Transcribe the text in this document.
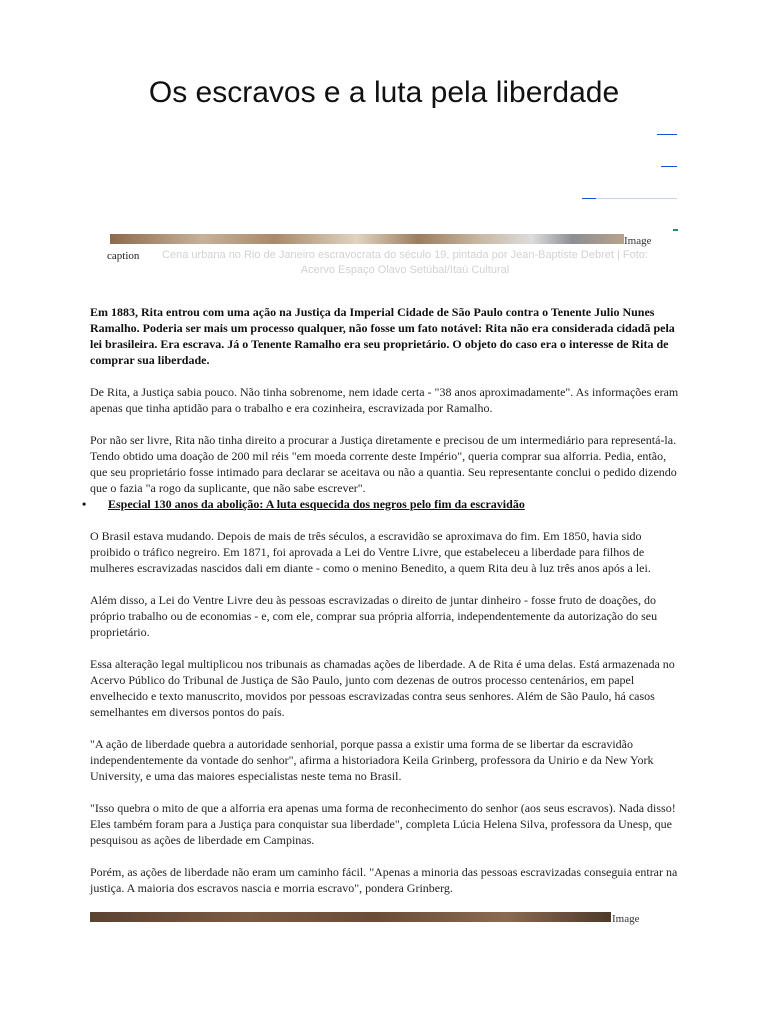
Os escravos e a luta pela liberdade
Image
caption	Cena urbana no Rio de Janeiro escravocrata do século 19, pintada por Jean-Baptiste Debret | Foto: Acervo Espaço Olavo Setúbal/Itaú Cultural

Em 1883, Rita entrou com uma ação na Justiça da Imperial Cidade de São Paulo contra o Tenente Julio Nunes Ramalho. Poderia ser mais um processo qualquer, não fosse um fato notável: Rita não era considerada cidadã pela lei brasileira. Era escrava. Já o Tenente Ramalho era seu proprietário. O objeto do caso era o interesse de Rita de comprar sua liberdade.

De Rita, a Justiça sabia pouco. Não tinha sobrenome, nem idade certa - "38 anos aproximadamente". As informações eram apenas que tinha aptidão para o trabalho e era cozinheira, escravizada por Ramalho.

Por não ser livre, Rita não tinha direito a procurar a Justiça diretamente e precisou de um intermediário para representá-la. Tendo obtido uma doação de 200 mil réis "em moeda corrente deste Império", queria comprar sua alforria. Pedia, então, que seu proprietário fosse intimado para declarar se aceitava ou não a quantia. Seu representante conclui o pedido dizendo que o fazia "a rogo da suplicante, que não sabe escrever".

• Especial 130 anos da abolição: A luta esquecida dos negros pelo fim da escravidão

O Brasil estava mudando. Depois de mais de três séculos, a escravidão se aproximava do fim. Em 1850, havia sido proibido o tráfico negreiro. Em 1871, foi aprovada a Lei do Ventre Livre, que estabeleceu a liberdade para filhos de mulheres escravizadas nascidos dali em diante - como o menino Benedito, a quem Rita deu à luz três anos após a lei.

Além disso, a Lei do Ventre Livre deu às pessoas escravizadas o direito de juntar dinheiro - fosse fruto de doações, do próprio trabalho ou de economias - e, com ele, comprar sua própria alforria, independentemente da autorização do seu proprietário.

Essa alteração legal multiplicou nos tribunais as chamadas ações de liberdade. A de Rita é uma delas. Está armazenada no Acervo Público do Tribunal de Justiça de São Paulo, junto com dezenas de outros processo centenários, em papel envelhecido e texto manuscrito, movidos por pessoas escravizadas contra seus senhores. Além de São Paulo, há casos semelhantes em diversos pontos do país.

"A ação de liberdade quebra a autoridade senhorial, porque passa a existir uma forma de se libertar da escravidão independentemente da vontade do senhor", afirma a historiadora Keila Grinberg, professora da Unirio e da New York University, e uma das maiores especialistas neste tema no Brasil.

"Isso quebra o mito de que a alforria era apenas uma forma de reconhecimento do senhor (aos seus escravos). Nada disso! Eles também foram para a Justiça para conquistar sua liberdade", completa Lúcia Helena Silva, professora da Unesp, que pesquisou as ações de liberdade em Campinas.

Porém, as ações de liberdade não eram um caminho fácil. "Apenas a minoria das pessoas escravizadas conseguia entrar na justiça. A maioria dos escravos nascia e morria escravo", pondera Grinberg.

Image
